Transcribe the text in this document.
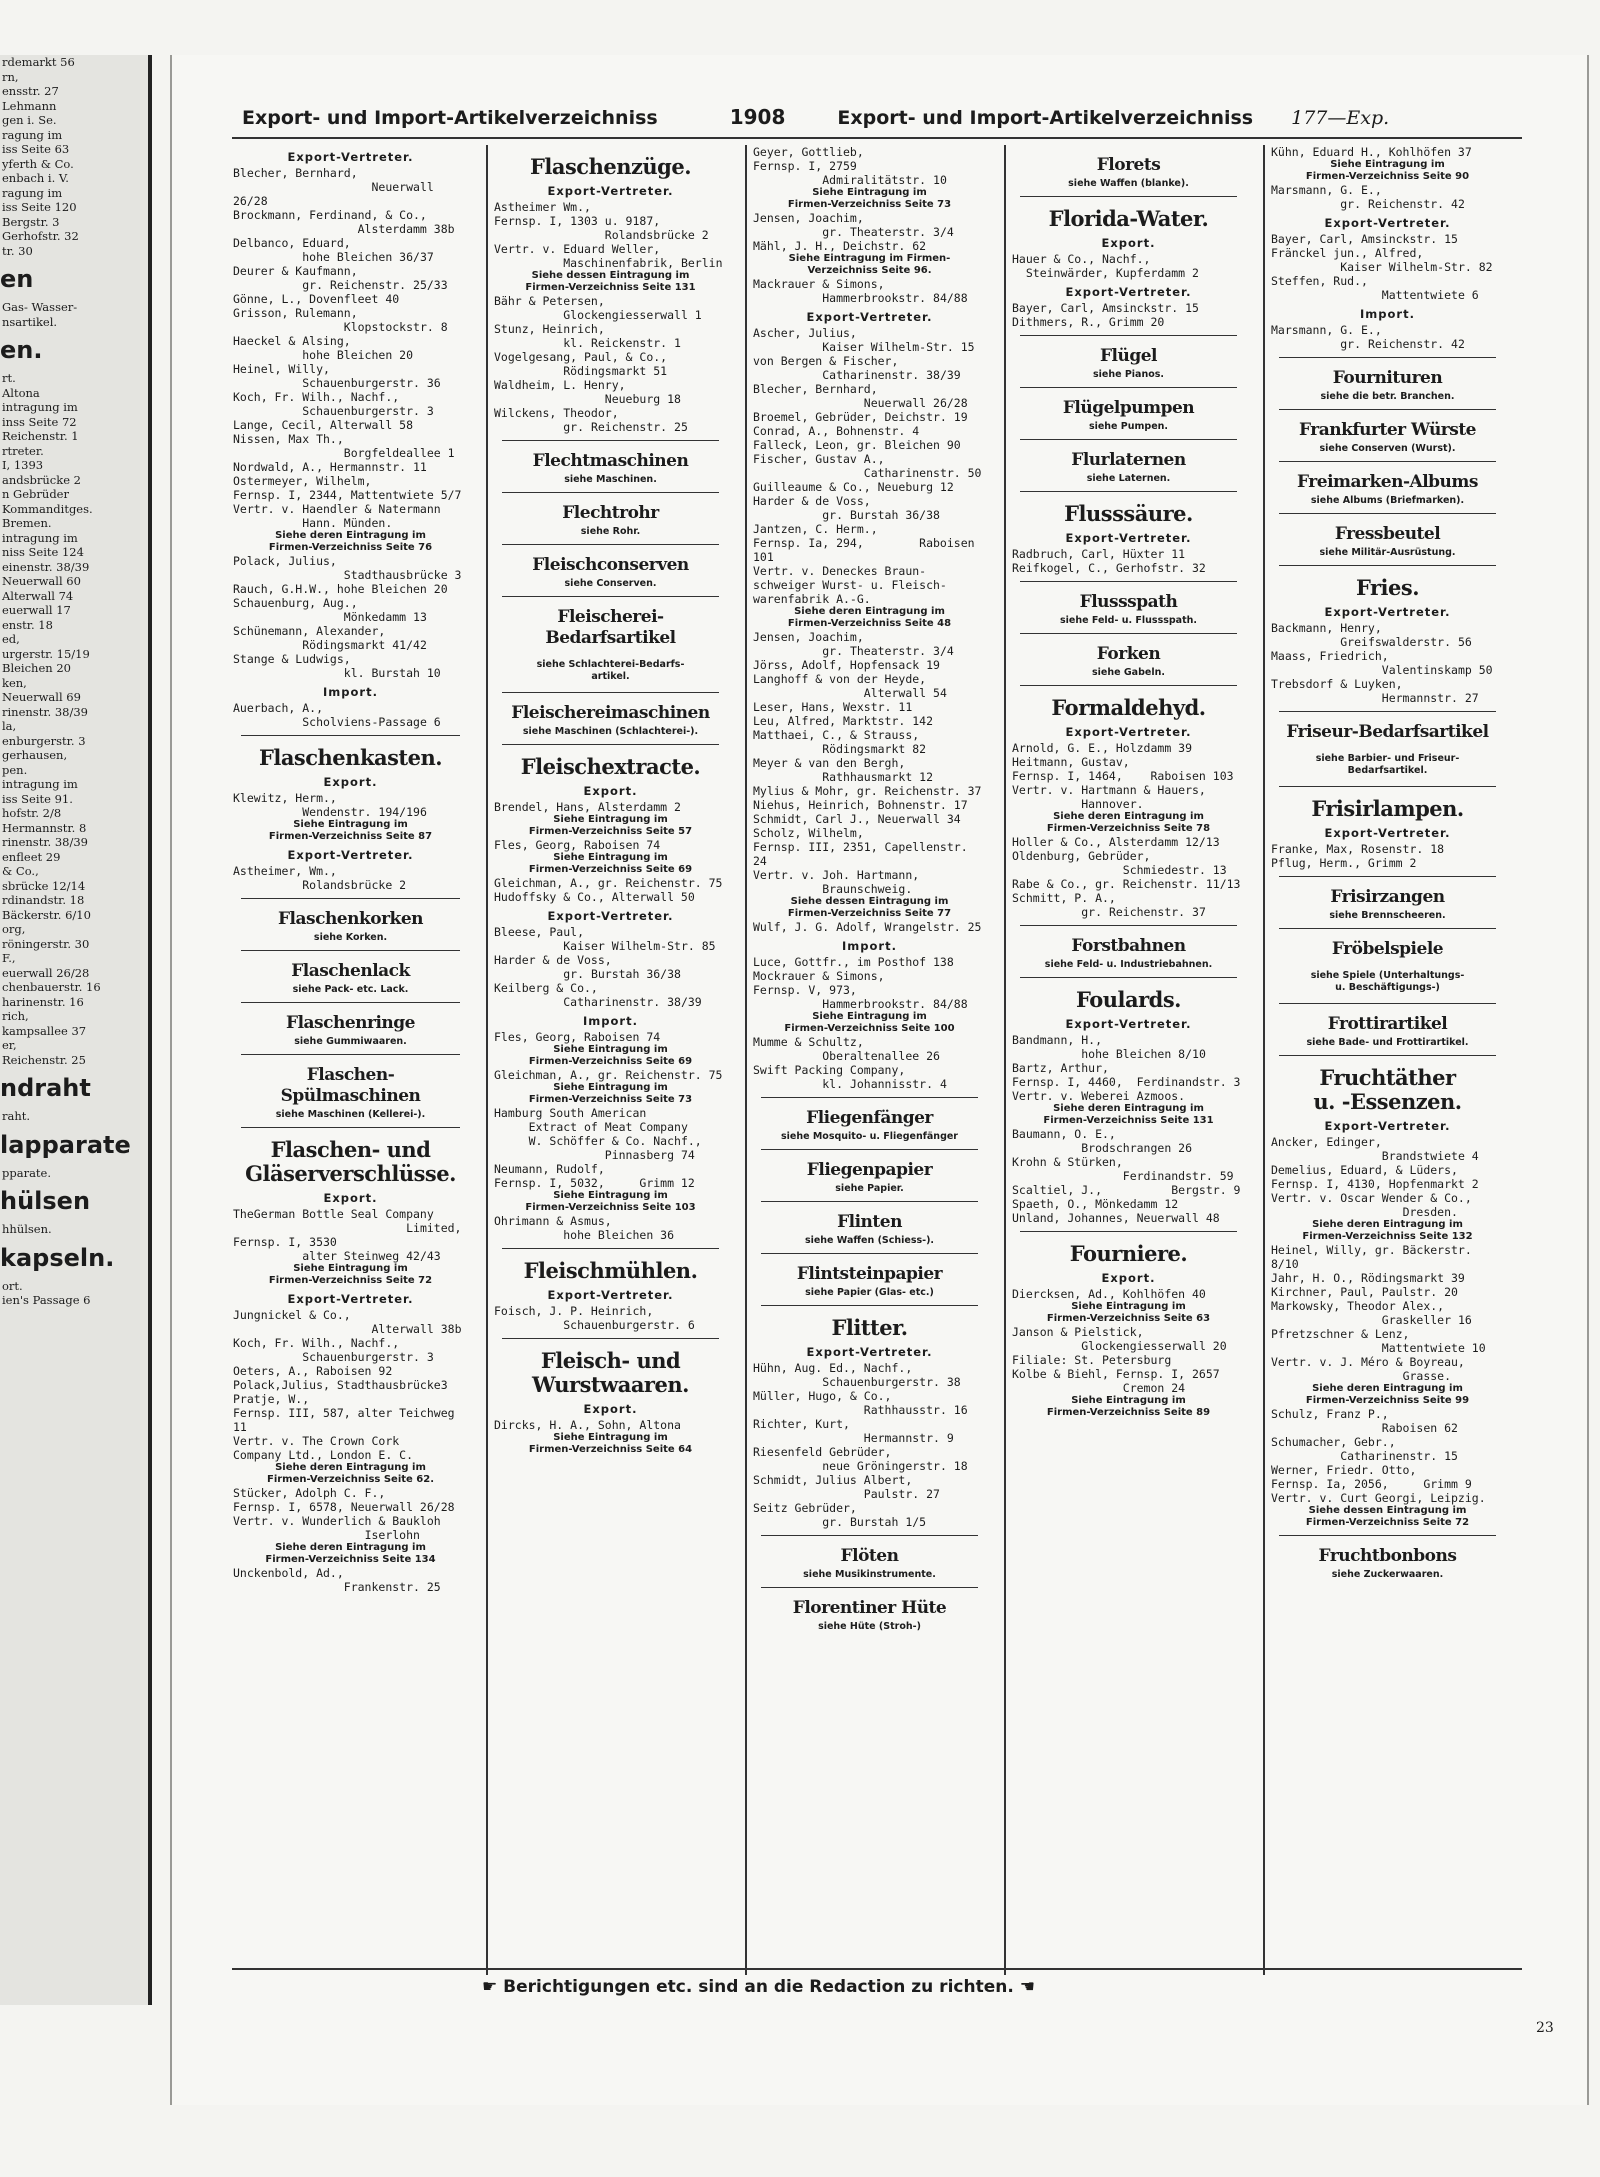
rdemarkt 56
rn,
ensstr. 27
Lehmann
gen i. Se.
ragung im
iss Seite 63
yferth & Co.
enbach i. V.
ragung im
iss Seite 120
Bergstr. 3
Gerhofstr. 32
tr. 30
en
Gas- Wasser-
nsartikel.
en.
rt.
Altona
intragung im
inss Seite 72
Reichenstr. 1
rtreter.
I, 1393
andsbrücke 2
n Gebrüder
Kommanditges.
Bremen.
intragung im
niss Seite 124
einenstr. 38/39
Neuerwall 60
Alterwall 74
euerwall 17
enstr. 18
ed,
urgerstr. 15/19
Bleichen 20
ken,
Neuerwall 69
rinenstr. 38/39
la,
enburgerstr. 3
gerhausen,
pen.
intragung im
iss Seite 91.
hofstr. 2/8
Hermannstr. 8
rinenstr. 38/39
enfleet 29
& Co.,
sbrücke 12/14
rdinandstr. 18
Bäckerstr. 6/10
org,
röningerstr. 30
F.,
euerwall 26/28
chenbauerstr. 16
harinenstr. 16
rich,
kampsallee 37
er,
Reichenstr. 25
ndraht
raht.
lapparate
pparate.
hülsen
hhülsen.
kapseln.
ort.
ien's Passage 6
Export- und Import-Artikelverzeichniss	1908	Export- und Import-Artikelverzeichniss 177—Exp.
Export-Vertreter.
Blecher, Bernhard,
Neuerwall 26/28
Brockmann, Ferdinand, & Co.,
Alsterdamm 38b
Delbanco, Eduard,
hohe Bleichen 36/37
Deurer & Kaufmann,
gr. Reichenstr. 25/33
Gönne, L., Dovenfleet 40
Grisson, Rulemann,
Klopstockstr. 8
Haeckel & Alsing,
hohe Bleichen 20
Heinel, Willy,
Schauenburgerstr. 36
Koch, Fr. Wilh., Nachf.,
Schauenburgerstr. 3
Lange, Cecil, Alterwall 58
Nissen, Max Th.,
Borgfeldeallee 1
Nordwald, A., Hermannstr. 11
Ostermeyer, Wilhelm,
Fernsp. I, 2344, Mattentwiete 5/7
Vertr. v. Haendler & Natermann
Hann. Münden.
Siehe deren Eintragung im
Firmen-Verzeichniss Seite 76
Polack, Julius,
Stadthausbrücke 3
Rauch, G.H.W., hohe Bleichen 20
Schauenburg, Aug.,
Mönkedamm 13
Schünemann, Alexander,
Rödingsmarkt 41/42
Stange & Ludwigs,
kl. Burstah 10
Import.
Auerbach, A.,
Scholviens-Passage 6
Flaschenkasten.
Export.
Klewitz, Herm.,
Wendenstr. 194/196
Siehe Eintragung im
Firmen-Verzeichniss Seite 87
Export-Vertreter.
Astheimer, Wm.,
Rolandsbrücke 2
Flaschenkorken
siehe Korken.
Flaschenlack
siehe Pack- etc. Lack.
Flaschenringe
siehe Gummiwaaren.
Flaschen-
Spülmaschinen
siehe Maschinen (Kellerei-).
Flaschen- und
Gläserverschlüsse.
Export.
TheGerman Bottle Seal Company
Limited,
Fernsp. I, 3530
alter Steinweg 42/43
Siehe Eintragung im
Firmen-Verzeichniss Seite 72
Export-Vertreter.
Jungnickel & Co.,
Alterwall 38b
Koch, Fr. Wilh., Nachf.,
Schauenburgerstr. 3
Oeters, A., Raboisen 92
Polack,Julius, Stadthausbrücke3
Pratje, W.,
Fernsp. III, 587, alter Teichweg 11
Vertr. v. The Crown Cork
Company Ltd., London E. C.
Siehe deren Eintragung im
Firmen-Verzeichniss Seite 62.
Stücker, Adolph C. F.,
Fernsp. I, 6578, Neuerwall 26/28
Vertr. v. Wunderlich & Baukloh
Iserlohn
Siehe deren Eintragung im
Firmen-Verzeichniss Seite 134
Unckenbold, Ad.,
Frankenstr. 25
Flaschenzüge.
Export-Vertreter.
Astheimer Wm.,
Fernsp. I, 1303 u. 9187,
Rolandsbrücke 2
Vertr. v. Eduard Weller,
Maschinenfabrik, Berlin
Siehe dessen Eintragung im
Firmen-Verzeichniss Seite 131
Bähr & Petersen,
Glockengiesserwall 1
Stunz, Heinrich,
kl. Reickenstr. 1
Vogelgesang, Paul, & Co.,
Rödingsmarkt 51
Waldheim, L. Henry,
Neueburg 18
Wilckens, Theodor,
gr. Reichenstr. 25
Flechtmaschinen
siehe Maschinen.
Flechtrohr
siehe Rohr.
Fleischconserven
siehe Conserven.
Fleischerei-
Bedarfsartikel
siehe Schlachterei-Bedarfs-
artikel.
Fleischereimaschinen
siehe Maschinen (Schlachterei-).
Fleischextracte.
Export.
Brendel, Hans, Alsterdamm 2
Siehe Eintragung im
Firmen-Verzeichniss Seite 57
Fles, Georg, Raboisen 74
Siehe Eintragung im
Firmen-Verzeichniss Seite 69
Gleichman, A., gr. Reichenstr. 75
Hudoffsky & Co., Alterwall 50
Export-Vertreter.
Bleese, Paul,
Kaiser Wilhelm-Str. 85
Harder & de Voss,
gr. Burstah 36/38
Keilberg & Co.,
Catharinenstr. 38/39
Import.
Fles, Georg, Raboisen 74
Siehe Eintragung im
Firmen-Verzeichniss Seite 69
Gleichman, A., gr. Reichenstr. 75
Siehe Eintragung im
Firmen-Verzeichniss Seite 73
Hamburg South American
Extract of Meat Company
W. Schöffer & Co. Nachf.,
Pinnasberg 74
Neumann, Rudolf,
Fernsp. I, 5032,     Grimm 12
Siehe Eintragung im
Firmen-Verzeichniss Seite 103
Ohrimann & Asmus,
hohe Bleichen 36
Fleischmühlen.
Export-Vertreter.
Foisch, J. P. Heinrich,
Schauenburgerstr. 6
Fleisch- und
Wurstwaaren.
Export.
Dircks, H. A., Sohn, Altona
Siehe Eintragung im
Firmen-Verzeichniss Seite 64
Geyer, Gottlieb,
Fernsp. I, 2759
Admiralitätstr. 10
Siehe Eintragung im
Firmen-Verzeichniss Seite 73
Jensen, Joachim,
gr. Theaterstr. 3/4
Mähl, J. H., Deichstr. 62
Siehe Eintragung im Firmen-
Verzeichniss Seite 96.
Mackrauer & Simons,
Hammerbrookstr. 84/88
Export-Vertreter.
Ascher, Julius,
Kaiser Wilhelm-Str. 15
von Bergen & Fischer,
Catharinenstr. 38/39
Blecher, Bernhard,
Neuerwall 26/28
Broemel, Gebrüder, Deichstr. 19
Conrad, A., Bohnenstr. 4
Falleck, Leon, gr. Bleichen 90
Fischer, Gustav A.,
Catharinenstr. 50
Guilleaume & Co., Neueburg 12
Harder & de Voss,
gr. Burstah 36/38
Jantzen, C. Herm.,
Fernsp. Ia, 294,        Raboisen 101
Vertr. v. Deneckes Braun-
schweiger Wurst- u. Fleisch-
warenfabrik A.-G.
Siehe deren Eintragung im
Firmen-Verzeichniss Seite 48
Jensen, Joachim,
gr. Theaterstr. 3/4
Jörss, Adolf, Hopfensack 19
Langhoff & von der Heyde,
Alterwall 54
Leser, Hans, Wexstr. 11
Leu, Alfred, Marktstr. 142
Matthaei, C., & Strauss,
Rödingsmarkt 82
Meyer & van den Bergh,
Rathhausmarkt 12
Mylius & Mohr, gr. Reichenstr. 37
Niehus, Heinrich, Bohnenstr. 17
Schmidt, Carl J., Neuerwall 34
Scholz, Wilhelm,
Fernsp. III, 2351, Capellenstr. 24
Vertr. v. Joh. Hartmann,
Braunschweig.
Siehe dessen Eintragung im
Firmen-Verzeichniss Seite 77
Wulf, J. G. Adolf, Wrangelstr. 25
Import.
Luce, Gottfr., im Posthof 138
Mockrauer & Simons,
Fernsp. V, 973,
Hammerbrookstr. 84/88
Siehe Eintragung im
Firmen-Verzeichniss Seite 100
Mumme & Schultz,
Oberaltenallee 26
Swift Packing Company,
kl. Johannisstr. 4
Fliegenfänger
siehe Mosquito- u. Fliegenfänger
Fliegenpapier
siehe Papier.
Flinten
siehe Waffen (Schiess-).
Flintsteinpapier
siehe Papier (Glas- etc.)
Flitter.
Export-Vertreter.
Hühn, Aug. Ed., Nachf.,
Schauenburgerstr. 38
Müller, Hugo, & Co.,
Rathhausstr. 16
Richter, Kurt,
Hermannstr. 9
Riesenfeld Gebrüder,
neue Gröningerstr. 18
Schmidt, Julius Albert,
Paulstr. 27
Seitz Gebrüder,
gr. Burstah 1/5
Flöten
siehe Musikinstrumente.
Florentiner Hüte
siehe Hüte (Stroh-)
Florets
siehe Waffen (blanke).
Florida-Water.
Export.
Hauer & Co., Nachf.,
Steinwärder, Kupferdamm 2
Export-Vertreter.
Bayer, Carl, Amsinckstr. 15
Dithmers, R., Grimm 20
Flügel
siehe Pianos.
Flügelpumpen
siehe Pumpen.
Flurlaternen
siehe Laternen.
Flusssäure.
Export-Vertreter.
Radbruch, Carl, Hüxter 11
Reifkogel, C., Gerhofstr. 32
Flussspath
siehe Feld- u. Flussspath.
Forken
siehe Gabeln.
Formaldehyd.
Export-Vertreter.
Arnold, G. E., Holzdamm 39
Heitmann, Gustav,
Fernsp. I, 1464,    Raboisen 103
Vertr. v. Hartmann & Hauers,
Hannover.
Siehe deren Eintragung im
Firmen-Verzeichniss Seite 78
Holler & Co., Alsterdamm 12/13
Oldenburg, Gebrüder,
Schmiedestr. 13
Rabe & Co., gr. Reichenstr. 11/13
Schmitt, P. A.,
gr. Reichenstr. 37
Forstbahnen
siehe Feld- u. Industriebahnen.
Foulards.
Export-Vertreter.
Bandmann, H.,
hohe Bleichen 8/10
Bartz, Arthur,
Fernsp. I, 4460,  Ferdinandstr. 3
Vertr. v. Weberei Azmoos.
Siehe deren Eintragung im
Firmen-Verzeichniss Seite 131
Baumann, O. E.,
Brodschrangen 26
Krohn & Stürken,
Ferdinandstr. 59
Scaltiel, J.,          Bergstr. 9
Spaeth, O., Mönkedamm 12
Unland, Johannes, Neuerwall 48
Fourniere.
Export.
Diercksen, Ad., Kohlhöfen 40
Siehe Eintragung im
Firmen-Verzeichniss Seite 63
Janson & Pielstick,
Glockengiesserwall 20
Filiale: St. Petersburg
Kolbe & Biehl, Fernsp. I, 2657
Cremon 24
Siehe Eintragung im
Firmen-Verzeichniss Seite 89
Kühn, Eduard H., Kohlhöfen 37
Siehe Eintragung im
Firmen-Verzeichniss Seite 90
Marsmann, G. E.,
gr. Reichenstr. 42
Export-Vertreter.
Bayer, Carl, Amsinckstr. 15
Fränckel jun., Alfred,
Kaiser Wilhelm-Str. 82
Steffen, Rud.,
Mattentwiete 6
Import.
Marsmann, G. E.,
gr. Reichenstr. 42
Fournituren
siehe die betr. Branchen.
Frankfurter Würste
siehe Conserven (Wurst).
Freimarken-Albums
siehe Albums (Briefmarken).
Fressbeutel
siehe Militär-Ausrüstung.
Fries.
Export-Vertreter.
Backmann, Henry,
Greifswalderstr. 56
Maass, Friedrich,
Valentinskamp 50
Trebsdorf & Luyken,
Hermannstr. 27
Friseur-Bedarfsartikel
siehe Barbier- und Friseur-
Bedarfsartikel.
Frisirlampen.
Export-Vertreter.
Franke, Max, Rosenstr. 18
Pflug, Herm., Grimm 2
Frisirzangen
siehe Brennscheeren.
Fröbelspiele
siehe Spiele (Unterhaltungs-
u. Beschäftigungs-)
Frottirartikel
siehe Bade- und Frottirartikel.
Fruchtäther
u. -Essenzen.
Export-Vertreter.
Ancker, Edinger,
Brandstwiete 4
Demelius, Eduard, & Lüders,
Fernsp. I, 4130, Hopfenmarkt 2
Vertr. v. Oscar Wender & Co.,
Dresden.
Siehe deren Eintragung im
Firmen-Verzeichniss Seite 132
Heinel, Willy, gr. Bäckerstr. 8/10
Jahr, H. O., Rödingsmarkt 39
Kirchner, Paul, Paulstr. 20
Markowsky, Theodor Alex.,
Graskeller 16
Pfretzschner & Lenz,
Mattentwiete 10
Vertr. v. J. Méro & Boyreau,
Grasse.
Siehe deren Eintragung im
Firmen-Verzeichniss Seite 99
Schulz, Franz P.,
Raboisen 62
Schumacher, Gebr.,
Catharinenstr. 15
Werner, Friedr. Otto,
Fernsp. Ia, 2056,     Grimm 9
Vertr. v. Curt Georgi, Leipzig.
Siehe dessen Eintragung im
Firmen-Verzeichniss Seite 72
Fruchtbonbons
siehe Zuckerwaaren.
☛ Berichtigungen etc. sind an die Redaction zu richten. ☚
23
